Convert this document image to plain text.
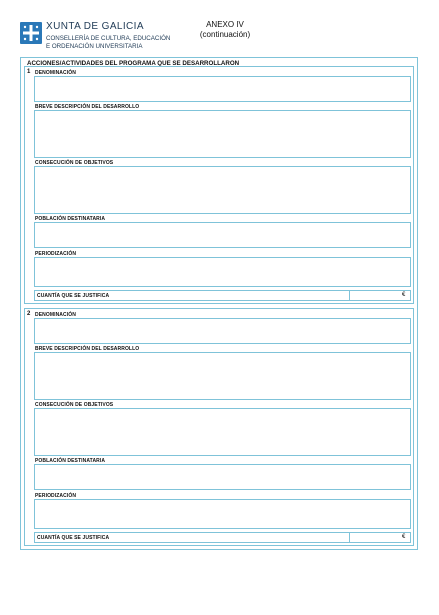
XUNTA DE GALICIA
CONSELLERÍA DE CULTURA, EDUCACIÓN
E ORDENACIÓN UNIVERSITARIA
ANEXO IV
(continuación)
ACCIONES/ACTIVIDADES DEL PROGRAMA QUE SE DESARROLLARON
1 DENOMINACIÓN
BREVE DESCRIPCIÓN DEL DESARROLLO
CONSECUCIÓN DE OBJETIVOS
POBLACIÓN DESTINATARIA
PERIODIZACIÓN
CUANTÍA QUE SE JUSTIFICA	€
2 DENOMINACIÓN
BREVE DESCRIPCIÓN DEL DESARROLLO
CONSECUCIÓN DE OBJETIVOS
POBLACIÓN DESTINATARIA
PERIODIZACIÓN
CUANTÍA QUE SE JUSTIFICA	€
